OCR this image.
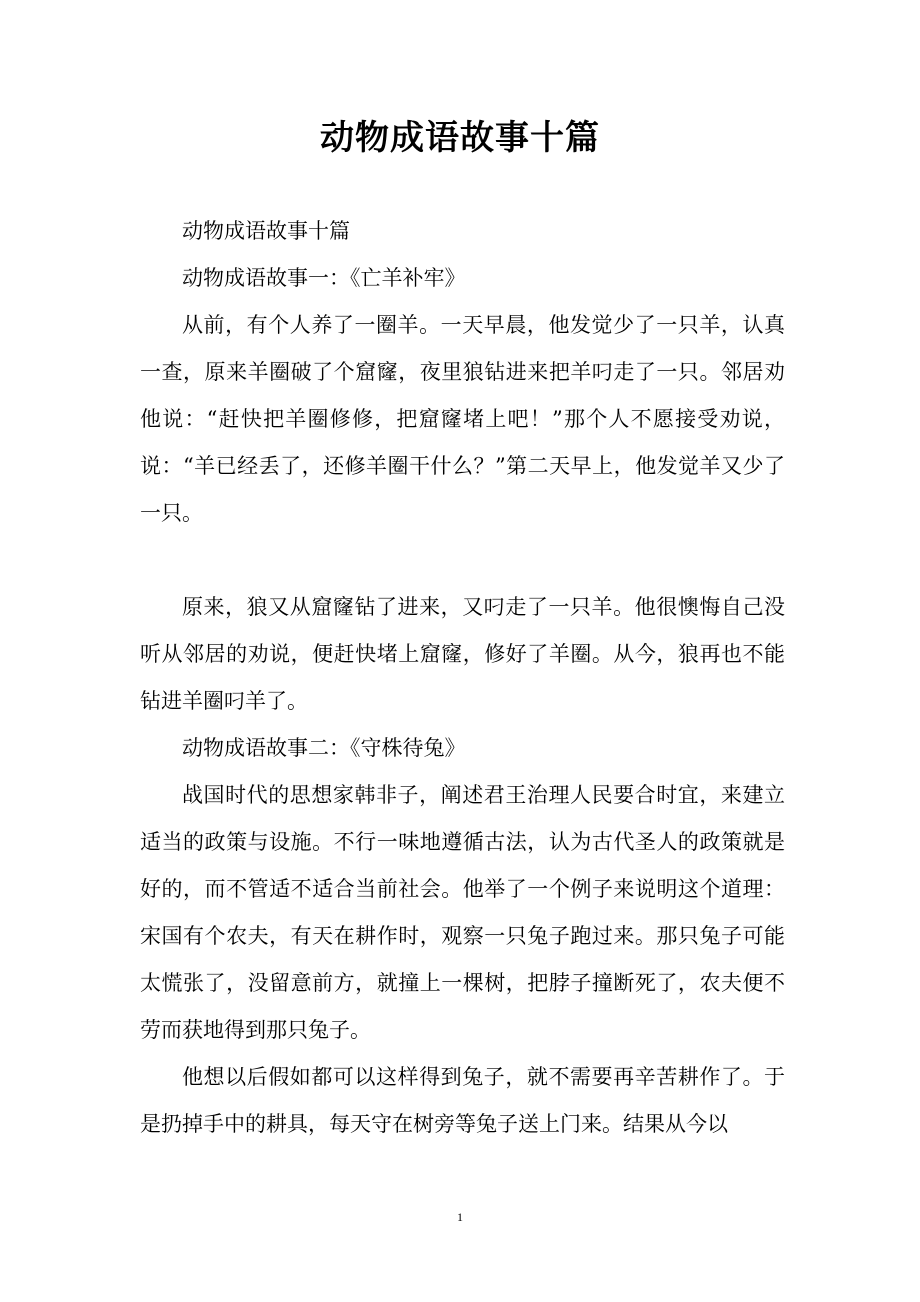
动物成语故事十篇

动物成语故事十篇

动物成语故事一：《亡羊补牢》

从前，有个人养了一圈羊。一天早晨，他发觉少了一只羊，认真一查，原来羊圈破了个窟窿，夜里狼钻进来把羊叼走了一只。邻居劝他说：“赶快把羊圈修修，把窟窿堵上吧！”那个人不愿接受劝说，说：“羊已经丢了，还修羊圈干什么？”第二天早上，他发觉羊又少了一只。

原来，狼又从窟窿钻了进来，又叼走了一只羊。他很懊悔自己没听从邻居的劝说，便赶快堵上窟窿，修好了羊圈。从今，狼再也不能钻进羊圈叼羊了。

动物成语故事二：《守株待兔》

战国时代的思想家韩非子，阐述君王治理人民要合时宜，来建立适当的政策与设施。不行一味地遵循古法，认为古代圣人的政策就是好的，而不管适不适合当前社会。他举了一个例子来说明这个道理：宋国有个农夫，有天在耕作时，观察一只兔子跑过来。那只兔子可能太慌张了，没留意前方，就撞上一棵树，把脖子撞断死了，农夫便不劳而获地得到那只兔子。

他想以后假如都可以这样得到兔子，就不需要再辛苦耕作了。于是扔掉手中的耕具，每天守在树旁等兔子送上门来。结果从今以

1
